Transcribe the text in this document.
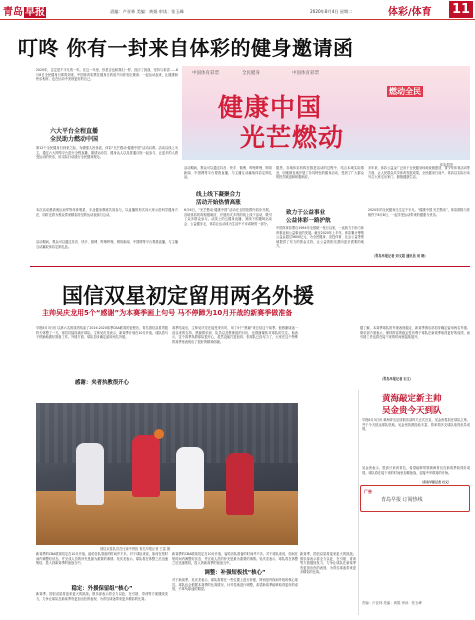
青岛 早报	责编：卢亚林 美编：黄娟 审读：张玉峰	2020年8月4日 星期二	体彩/体育 11
叮咚 你有一封来自体彩的健身邀请函
中国体育彩票	全民健身	中国体育彩票
燃动全民
健康中国
光芒燃动
体彩供图
2020年，注定是不平凡的一年。在这一年里，你是否也和我们一样，经历了挑战、坚持与希望……8月8日全民健身日即将到来，中国体育彩票在健身日的前夕向你发出邀请：一起运动起来，让健康和快乐相伴，也在运动中发现更好的自己。
六大平台全程直播
全民助力燃动中国
第12个全民健身日到来之际，为增强人民体质，体彩“光芒燃动·健康中国”活动启幕。活动以线上为主，通过六大网络平台进行全程直播，邀请运动员、健身达人以及普通百姓一起参与，让更多的人感受运动的快乐，用实际行动践行全民健身理念。
本次活动邀请奥运冠军等体育明星、专业健身教练共同参与，以直播的形式向大家示范科学健身方法，同时还将为观众带来精彩纷呈的运动表演与互动。
活动期间，观众可以通过抖音、快手、微博、哔哩哔哩、网易新闻、中国网等平台观看直播，与主播互动赢取体彩定制礼品。
活动期间，观众可以通过抖音、快手、微博、哔哩哔哩、网易新闻、中国网等平台观看直播，与主播互动赢取体彩定制礼品。
线上线下凝聚合力
活动开始热情高涨
6月6日，“光芒燃动·健康中国”活动在全国范围内同步开展。各地体彩机构积极响应，开展形式多样的线上线下活动，吸引了众多群众参与。从线上的云健身直播，到线下的趣味运动会、公益健步走，体彩让运动成为生活中不可或缺的一部分。
据悉，各地体彩机构在推进活动的过程中，结合本地实际情况，因地制宜地开展了各具特色的健身活动，受到了广大群众的热烈欢迎和积极响应。
致力于公益事业
公益体彩一路护航
中国体育彩票自1994年全国统一发行以来，一直致力于助力体育事业和公益事业的发展。截至2020年上半年，体彩累计筹集公益金超过5600亿元，为全民健身、竞技体育、社会公益等领域提供了有力的资金支持，让公益的阳光洒向更多需要的地方。
多年来，体彩公益金广泛用于全民健身场地设施建设、青少年体育活动等方面，让人民群众共享体育发展成果。全民健身日前夕，体彩以实际行动号召大家走出家门，拥抱健康生活。
2020年的全民健身日注定不平凡。“健康中国 光芒燃动”，体彩期待与你相约于8月8日，一起享受运动带来的健康与快乐。
（青岛早报记者 刘文超 通讯员 刘 晓）
国信双星初定留用两名外援
主帅吴庆龙用5个“感谢”为本赛季画上句号 马不停蹄为10月开战的新赛季做准备
早报8月3日讯 以第六名的成绩结束了2019-2020赛季CBA联赛的征程后，青岛国信双星男篮昨天休整了一天，球员们陆续离开球队。主帅吴庆龙表示，新赛季计划在10月开战，球队将马不停蹄地做好准备工作。外援方面，球队初步确定留用两名外援。
感谢：夹者执教很开心
赛季结束后，主帅吴庆龙在接受采访时，用了5个“感谢”来总结这个赛季。他感谢球迷一直以来的支持，感谢俱乐部、队员以及教练组的付出，也感谢媒体对球队的关注。他表示，这个赛季执教球队很开心，虽然没能打进前四，但球队已经尽力了，大家在这个特殊的赛季里表现出了很好的精神面貌。
国信双星队员在比赛中拼抢 青岛早报记者 王雷 摄
据了解，本赛季球队的外援表现稳定，新赛季俱乐部初步确定留用两名外援。俱乐部方面表示，保持阵容的稳定性有利于球队在新赛季取得更好的成绩，而引援工作也将在接下来的时间里陆续展开。
（青岛早报记者 石义）
新赛季的CBA联赛初定在10月开战，留给各队准备的时间并不多。对于球队来说，如何在短时间内调整好状态，并完成人员的补充是最为重要的事情。吴庆龙表示，球队将在休整之后迅速集结，投入到新赛季的备战当中。
稳定：外援保留组“核心”
新赛季，国信双星将迎来更大的挑战。俱乐部表示将全力以赴，在引援、青训等方面继续发力，力争让球队在新赛季有更加出色的表现，为青岛球迷带来更多精彩的比赛。
新赛季的CBA联赛初定在10月开战，留给各队准备的时间并不多。对于球队来说，如何在短时间内调整好状态，并完成人员的补充是最为重要的事情。吴庆龙表示，球队将在休整之后迅速集结，投入到新赛季的备战当中。
调整：补强短板找“核心”
对于新赛季，吴庆龙表示，球队需要在一些位置上进行补强，特别是内线和外线的核心球员。球队也会根据本赛季的比赛情况，针对性地进行调整，希望新赛季能够取得更好的成绩，不辜负球迷的期望。
新赛季，国信双星将迎来更大的挑战。俱乐部表示将全力以赴，在引援、青训等方面继续发力，力争让球队在新赛季有更加出色的表现，为青岛球迷带来更多精彩的比赛。
黄海敲定新主帅
吴金贵今天到队
早报8月3日讯 黄海青岛足球俱乐部昨天正式官宣，吴金贵将担任球队主帅，并于今天抵达球队驻地。吴金贵执教经验丰富，曾率领多支球队取得优异成绩。
吴金贵表示，很高兴来到青岛，希望能够带领黄海青岛在新赛季取得好成绩。球队将在接下来的时间里加紧备战，迎接中甲联赛的开始。
（青岛早报记者 石义）
广告
青岛早报 订阅热线
责编：卢亚林 美编：黄娟 审读：张玉峰
